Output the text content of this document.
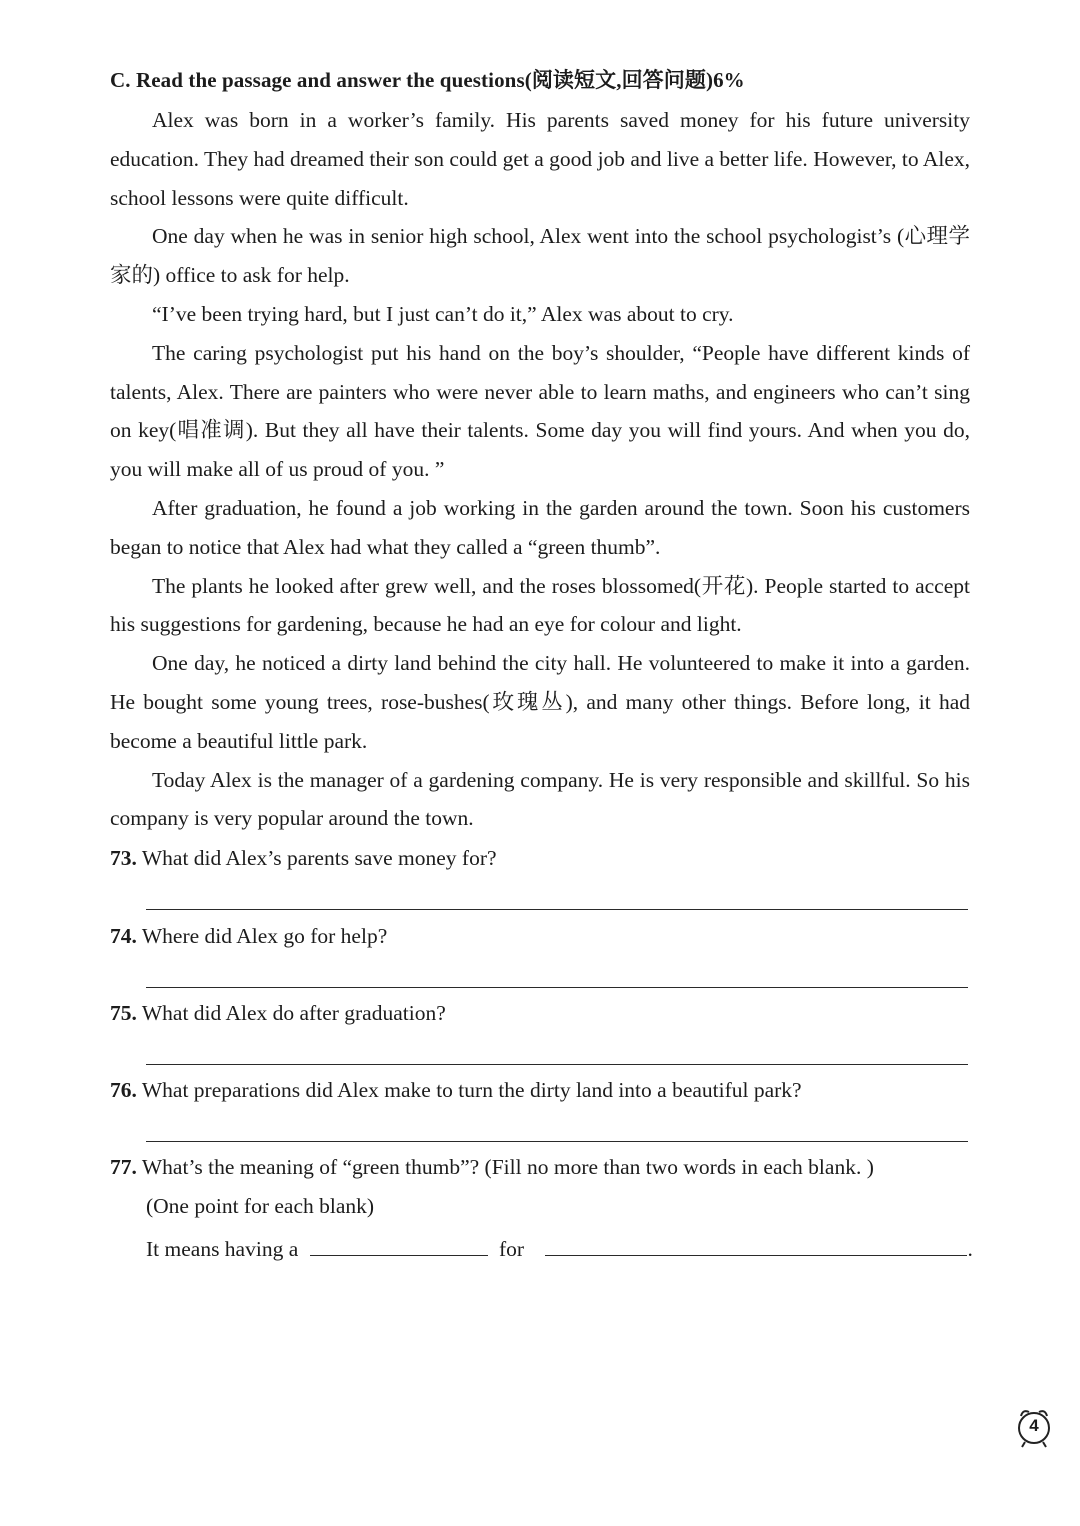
C. Read the passage and answer the questions(阅读短文,回答问题)6%

Alex was born in a worker’s family. His parents saved money for his future university education. They had dreamed their son could get a good job and live a better life. However, to Alex, school lessons were quite difficult.

One day when he was in senior high school, Alex went into the school psychologist’s (心理学家的) office to ask for help.

“I’ve been trying hard, but I just can’t do it,” Alex was about to cry.

The caring psychologist put his hand on the boy’s shoulder, “People have different kinds of talents, Alex. There are painters who were never able to learn maths, and engineers who can’t sing on key(唱准调). But they all have their talents. Some day you will find yours. And when you do, you will make all of us proud of you. ”

After graduation, he found a job working in the garden around the town. Soon his customers began to notice that Alex had what they called a “green thumb”.

The plants he looked after grew well, and the roses blossomed(开花). People started to accept his suggestions for gardening, because he had an eye for colour and light.

One day, he noticed a dirty land behind the city hall. He volunteered to make it into a garden. He bought some young trees, rose-bushes(玫瑰丛), and many other things. Before long, it had become a beautiful little park.

Today Alex is the manager of a gardening company. He is very responsible and skillful. So his company is very popular around the town.

73. What did Alex’s parents save money for?
74. Where did Alex go for help?
75. What did Alex do after graduation?
76. What preparations did Alex make to turn the dirty land into a beautiful park?
77. What’s the meaning of “green thumb”? (Fill no more than two words in each blank. )
(One point for each blank)
It means having a	for	.
4
